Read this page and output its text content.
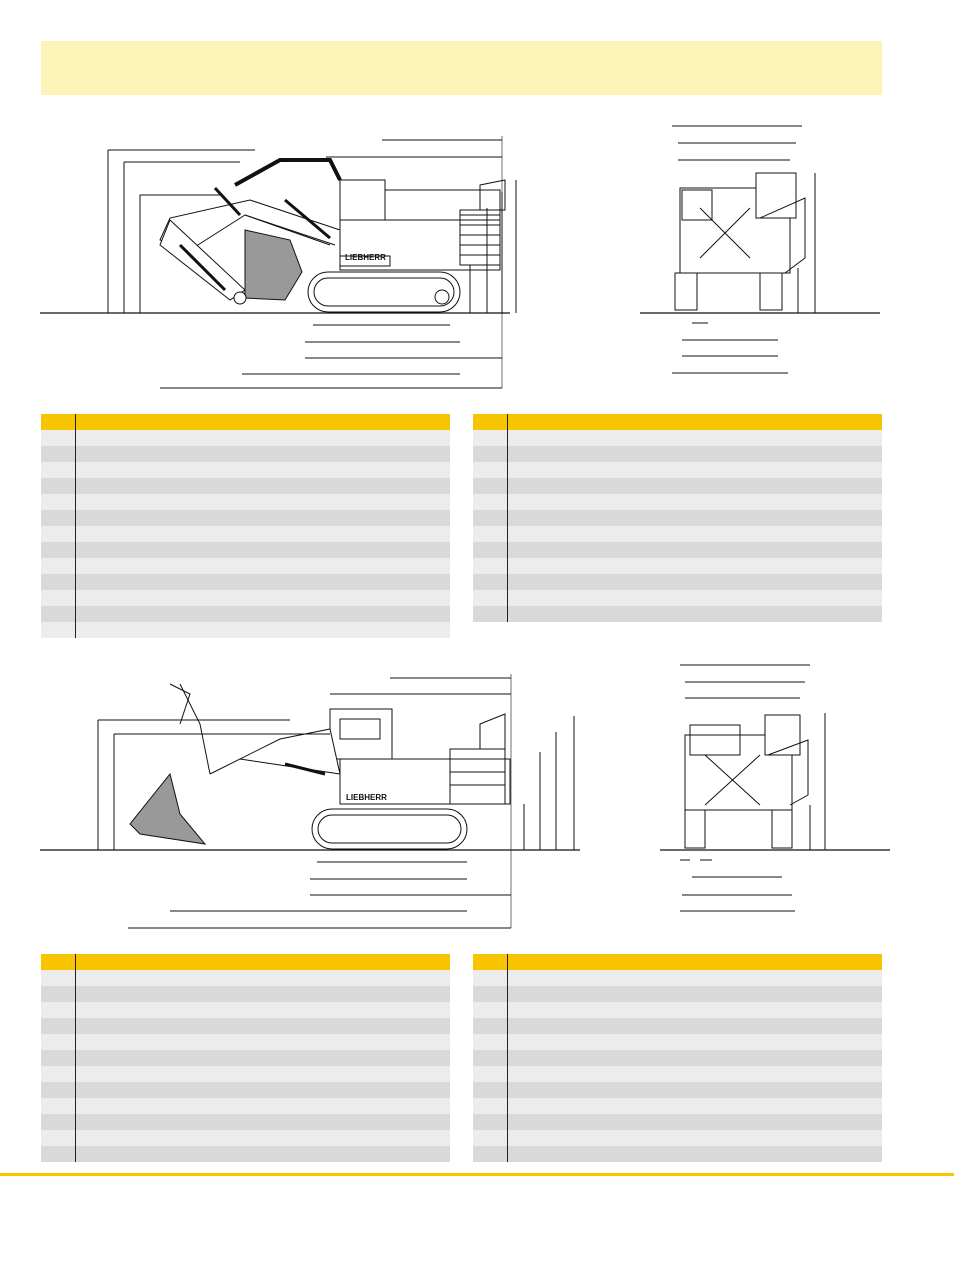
LIEBHERR

LIEBHERR
